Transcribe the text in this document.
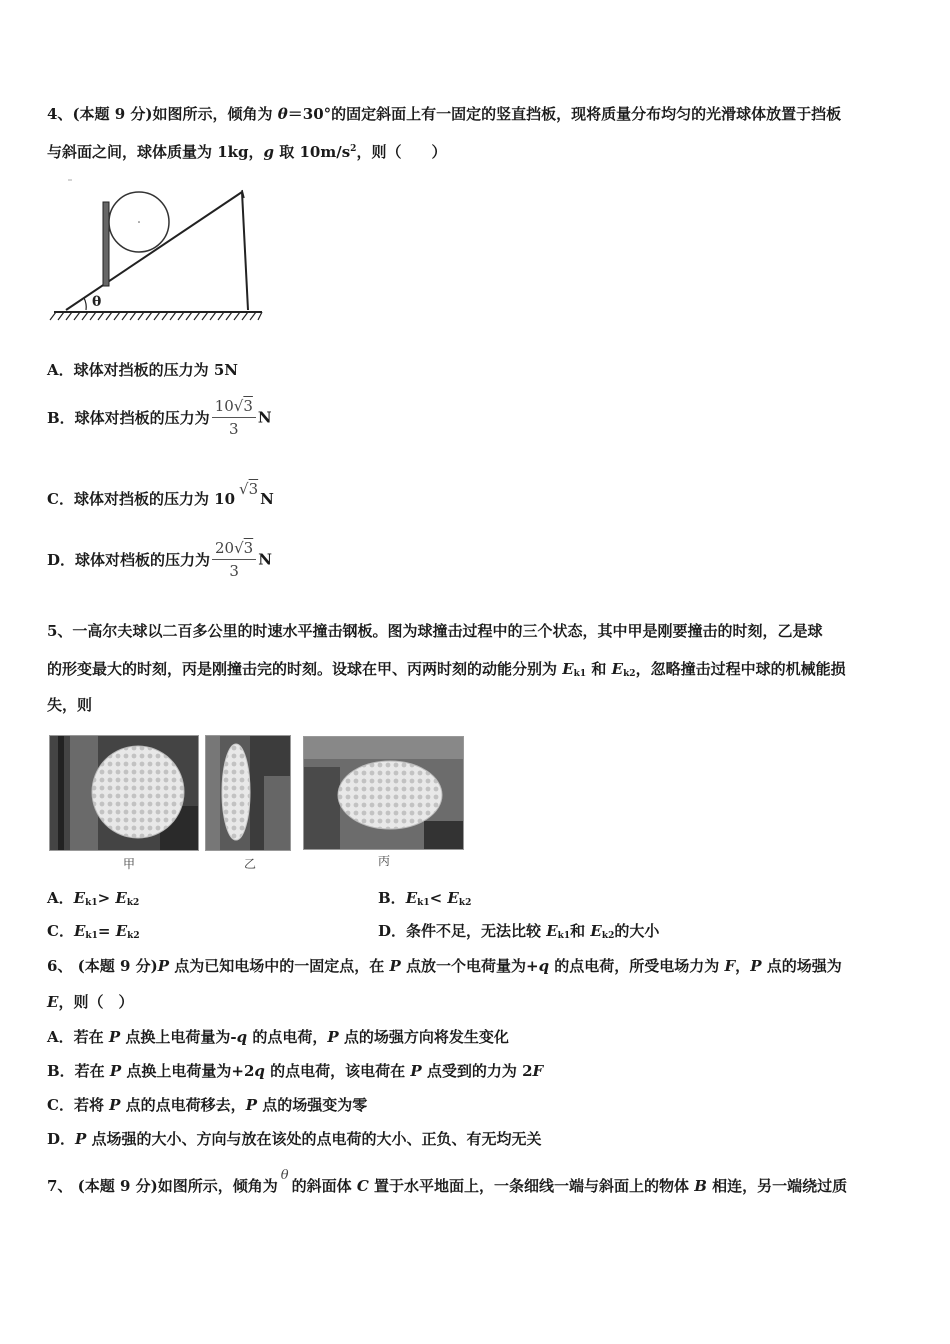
4、(本题 9 分)如图所示，倾角为 θ＝30°的固定斜面上有一固定的竖直挡板，现将质量分布均匀的光滑球体放置于挡板
与斜面之间，球体质量为 1kg，g 取 $10m/s^2$，则（　　）
θ
A．球体对挡板的压力为 5N
B．球体对挡板的压力为 $\frac{10√3}{3}$ N
C．球体对挡板的压力为 10√3N
D．球体对档板的压力为 $\frac{20√3}{3}$ N
5、一高尔夫球以二百多公里的时速水平撞击钢板。图为球撞击过程中的三个状态，其中甲是刚要撞击的时刻，乙是球
的形变最大的时刻，丙是刚撞击完的时刻。设球在甲、丙两时刻的动能分别为 $E_{k1}$ 和 $E_{k2}$，忽略撞击过程中球的机械能损
失，则
甲	乙	丙
A．$E_{k1}> E_{k2}$	B．$E_{k1}< E_{k2}$
C．$E_{k1}= E_{k2}$	D．条件不足，无法比较 $E_{k1}$和 $E_{k2}$的大小
6、 (本题 9 分)P 点为已知电场中的一固定点，在 P 点放一个电荷量为+q 的点电荷，所受电场力为 F，P 点的场强为
E，则（　）
A．若在 P 点换上电荷量为-q 的点电荷，P 点的场强方向将发生变化
B．若在 P 点换上电荷量为+2q 的点电荷，该电荷在 P 点受到的力为 2F
C．若将 P 点的点电荷移去，P 点的场强变为零
D．P 点场强的大小、方向与放在该处的点电荷的大小、正负、有无均无关
7、 (本题 9 分)如图所示，倾角为θ的斜面体 C 置于水平地面上，一条细线一端与斜面上的物体 B 相连，另一端绕过质
